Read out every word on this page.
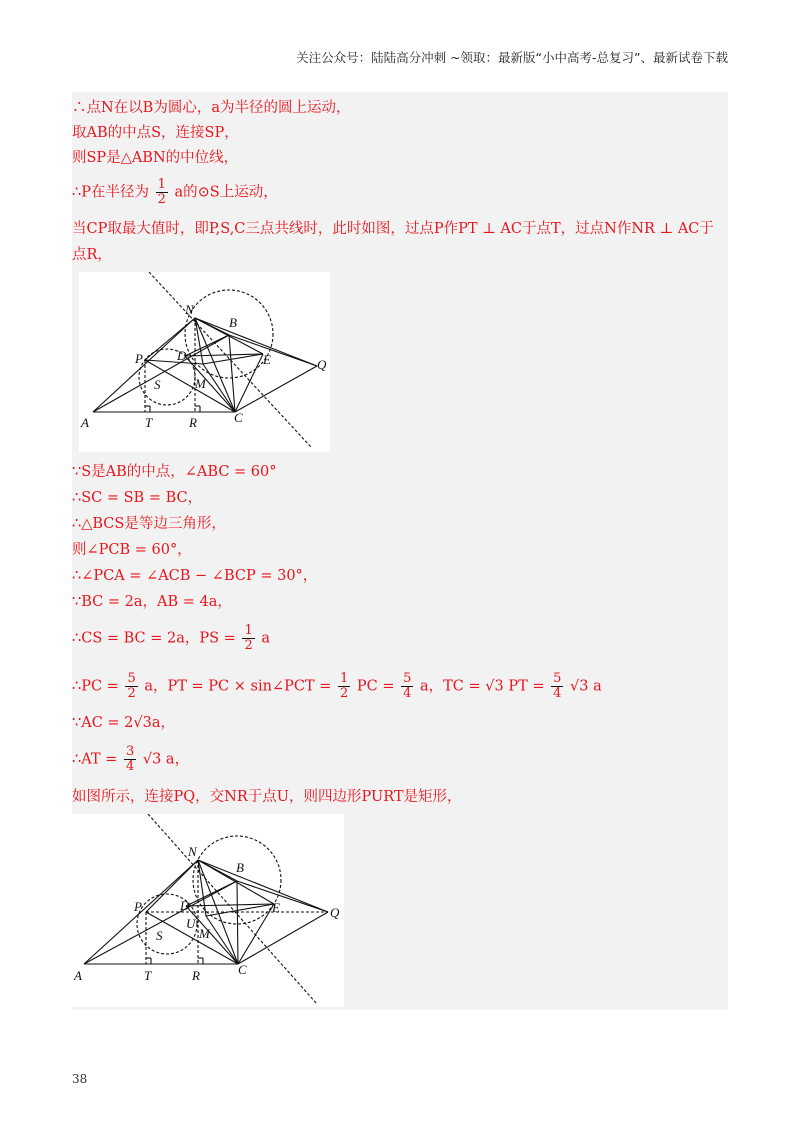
关注公众号：陆陆高分冲刺 ~领取：最新版“小中高考-总复习”、最新试卷下载
∴点N在以B为圆心，a为半径的圆上运动，
取AB的中点S，连接SP，
则SP是△ABN的中位线，
∴P在半径为 $\frac{1}{2}$ a的⊙S上运动，
当CP取最大值时，即P,S,C三点共线时，此时如图，过点P作PT ⊥ AC于点T，过点N作NR ⊥ AC于
点R，
N
B
P	D	E	Q
S	M
A	T	R	C
∵S是AB的中点，∠ABC = 60°
∴SC = SB = BC，
∴△BCS是等边三角形，
则∠PCB = 60°，
∴∠PCA = ∠ACB − ∠BCP = 30°，
∵BC = 2a，AB = 4a，
∴CS = BC = 2a，PS = $\frac{1}{2}$ a
∴PC = $\frac{5}{2}$ a，PT = PC × sin∠PCT = $\frac{1}{2}$ PC = $\frac{5}{4}$ a，TC = √3 PT = $\frac{5}{4} √3$ a
∵AC = 2√3a，
∴AT = $\frac{3}{4} √3$ a，
如图所示，连接PQ，交NR于点U，则四边形PURT是矩形，
N
B
P	D	E	Q
S
U
M
A	T	R	C
38
